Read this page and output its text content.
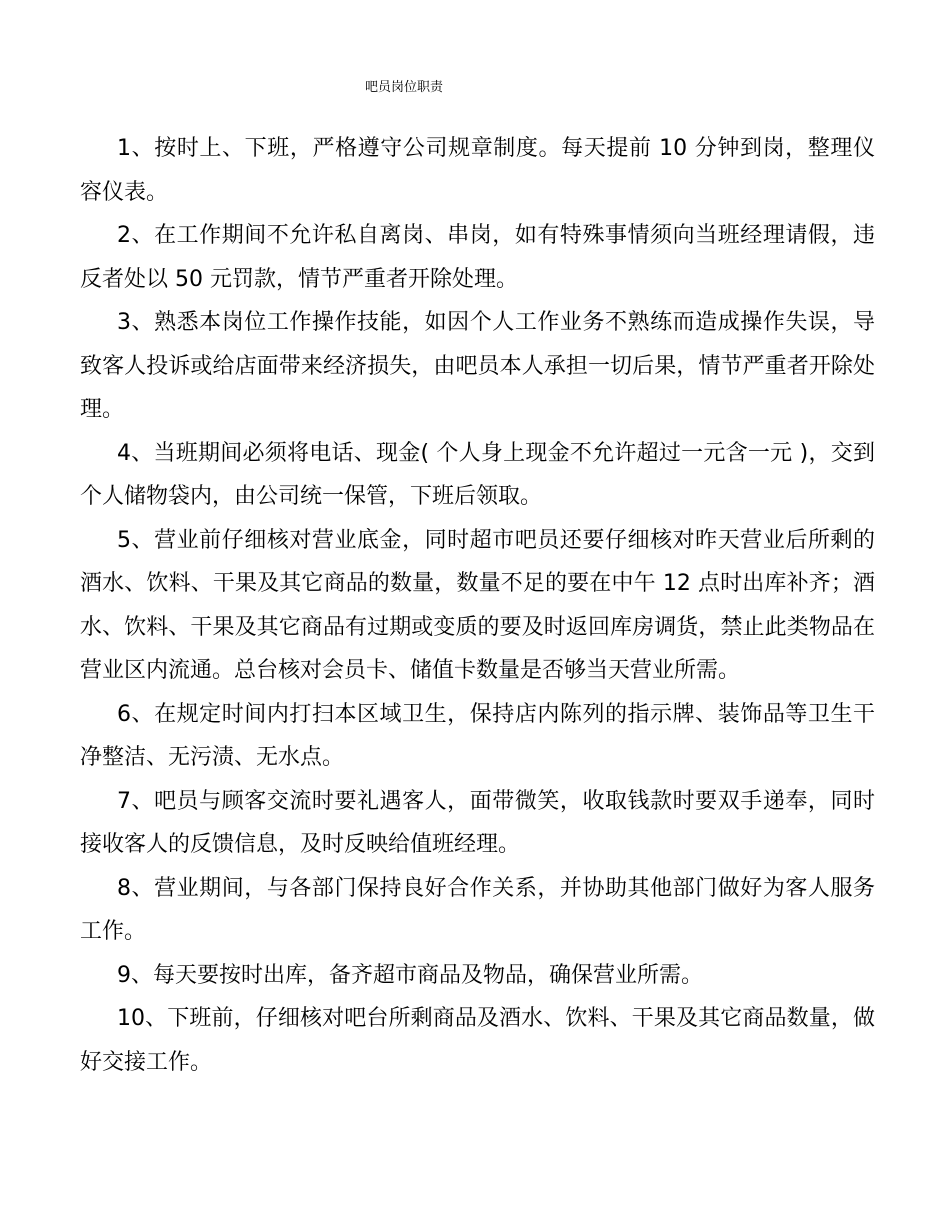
吧员岗位职责

1、按时上、下班，严格遵守公司规章制度。每天提前 10 分钟到岗，整理仪容仪表。

2、在工作期间不允许私自离岗、串岗，如有特殊事情须向当班经理请假，违反者处以 50 元罚款，情节严重者开除处理。

3、熟悉本岗位工作操作技能，如因个人工作业务不熟练而造成操作失误，导致客人投诉或给店面带来经济损失，由吧员本人承担一切后果，情节严重者开除处理。

4、当班期间必须将电话、现金( 个人身上现金不允许超过一元含一元 )，交到个人储物袋内，由公司统一保管，下班后领取。

5、营业前仔细核对营业底金，同时超市吧员还要仔细核对昨天营业后所剩的酒水、饮料、干果及其它商品的数量，数量不足的要在中午 12 点时出库补齐；酒水、饮料、干果及其它商品有过期或变质的要及时返回库房调货，禁止此类物品在营业区内流通。总台核对会员卡、储值卡数量是否够当天营业所需。

6、在规定时间内打扫本区域卫生，保持店内陈列的指示牌、装饰品等卫生干净整洁、无污渍、无水点。

7、吧员与顾客交流时要礼遇客人，面带微笑，收取钱款时要双手递奉，同时接收客人的反馈信息，及时反映给值班经理。

8、营业期间，与各部门保持良好合作关系，并协助其他部门做好为客人服务工作。

9、每天要按时出库，备齐超市商品及物品，确保营业所需。

10、下班前，仔细核对吧台所剩商品及酒水、饮料、干果及其它商品数量，做好交接工作。
